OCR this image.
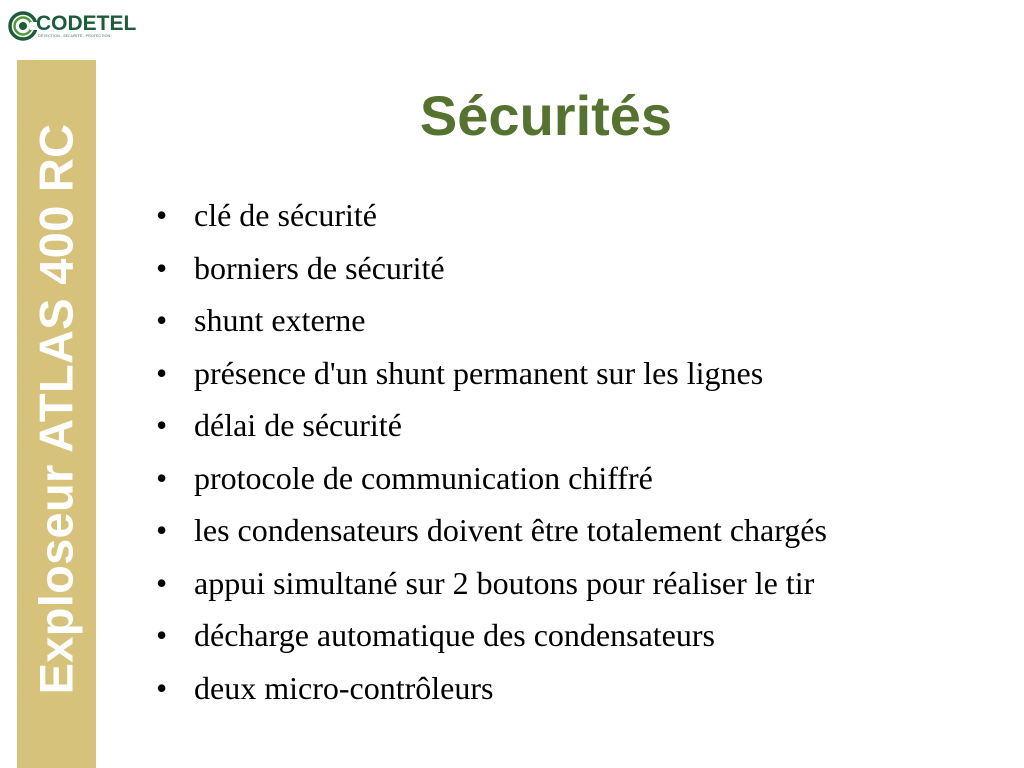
CODETEL
DÉTECTION - SÉCURITÉ - PROTECTION
Exploseur ATLAS 400 RC
Sécurités
• clé de sécurité
• borniers de sécurité
• shunt externe
• présence d'un shunt permanent sur les lignes
• délai de sécurité
• protocole de communication chiffré
• les condensateurs doivent être totalement chargés
• appui simultané sur 2 boutons pour réaliser le tir
• décharge automatique des condensateurs
• deux micro-contrôleurs
